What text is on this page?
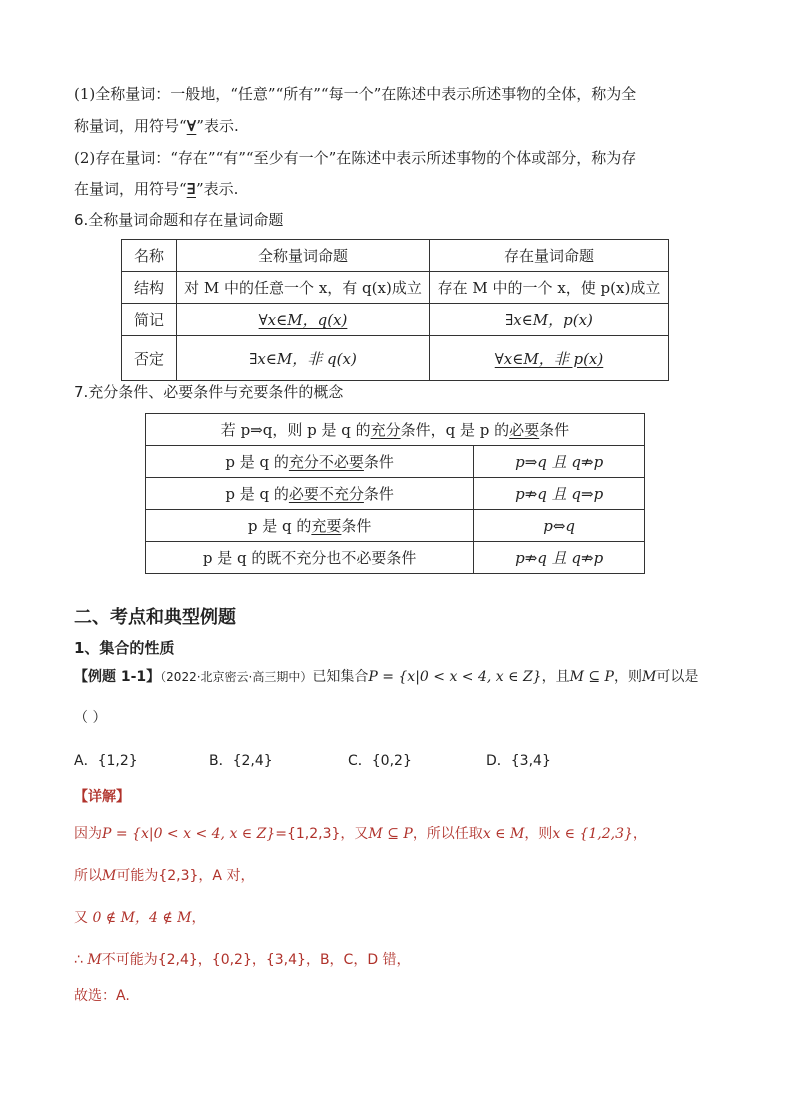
(1)全称量词：一般地，“任意”“所有”“每一个”在陈述中表示所述事物的全体，称为全
称量词，用符号“∀”表示.
(2)存在量词：“存在”“有”“至少有一个”在陈述中表示所述事物的个体或部分，称为存
在量词，用符号“∃”表示.
6.全称量词命题和存在量词命题
名称	全称量词命题	存在量词命题
结构	对 M 中的任意一个 x，有 q(x)成立	存在 M 中的一个 x，使 p(x)成立
简记	∀x∈M，q(x)	∃x∈M，p(x)
否定	∃x∈M，非 q(x)	∀x∈M，非 p(x)
7.充分条件、必要条件与充要条件的概念
若 p⇒q，则 p 是 q 的充分条件，q 是 p 的必要条件	
p 是 q 的充分不必要条件	p⇒q 且 q⇏p
p 是 q 的必要不充分条件	p⇏q 且 q⇒p
p 是 q 的充要条件	p⇔q
p 是 q 的既不充分也不必要条件	p⇏q 且 q⇏p
二、考点和典型例题
1、集合的性质
【例题 1-1】（2022·北京密云·高三期中）已知集合P = {x|0 < x < 4, x ∈ Z}，且M ⊆ P，则M可以是
（ ）
A．{1,2}	B．{2,4}	C．{0,2}	D．{3,4}
【详解】
因为P = {x|0 < x < 4, x ∈ Z}={1,2,3}，又M ⊆ P，所以任取x ∈ M，则x ∈ {1,2,3}，
所以M可能为{2,3}，A 对，
又 0 ∉ M，4 ∉ M，
∴ M不可能为{2,4}，{0,2}，{3,4}，B，C，D 错，
故选：A.
